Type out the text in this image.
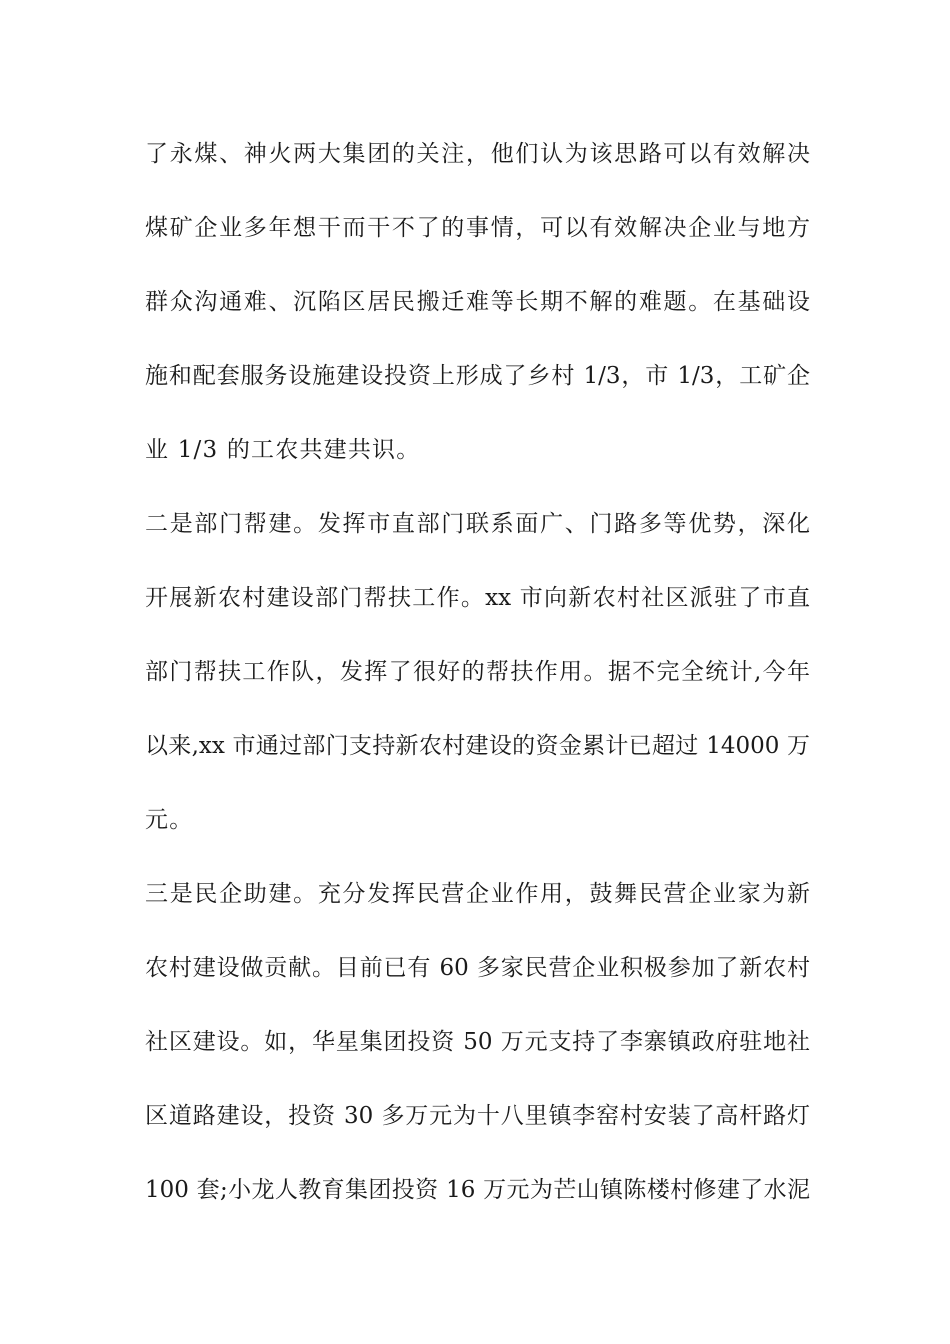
了永煤、神火两大集团的关注，他们认为该思路可以有效解决
煤矿企业多年想干而干不了的事情，可以有效解决企业与地方
群众沟通难、沉陷区居民搬迁难等长期不解的难题。在基础设
施和配套服务设施建设投资上形成了乡村 1/3，市 1/3，工矿企
业 1/3 的工农共建共识。
二是部门帮建。发挥市直部门联系面广、门路多等优势，深化
开展新农村建设部门帮扶工作。xx 市向新农村社区派驻了市直
部门帮扶工作队，发挥了很好的帮扶作用。据不完全统计,今年
以来,xx 市通过部门支持新农村建设的资金累计已超过 14000 万
元。
三是民企助建。充分发挥民营企业作用，鼓舞民营企业家为新
农村建设做贡献。目前已有 60 多家民营企业积极参加了新农村
社区建设。如，华星集团投资 50 万元支持了李寨镇政府驻地社
区道路建设，投资 30 多万元为十八里镇李窑村安装了高杆路灯
100 套;小龙人教育集团投资 16 万元为芒山镇陈楼村修建了水泥
